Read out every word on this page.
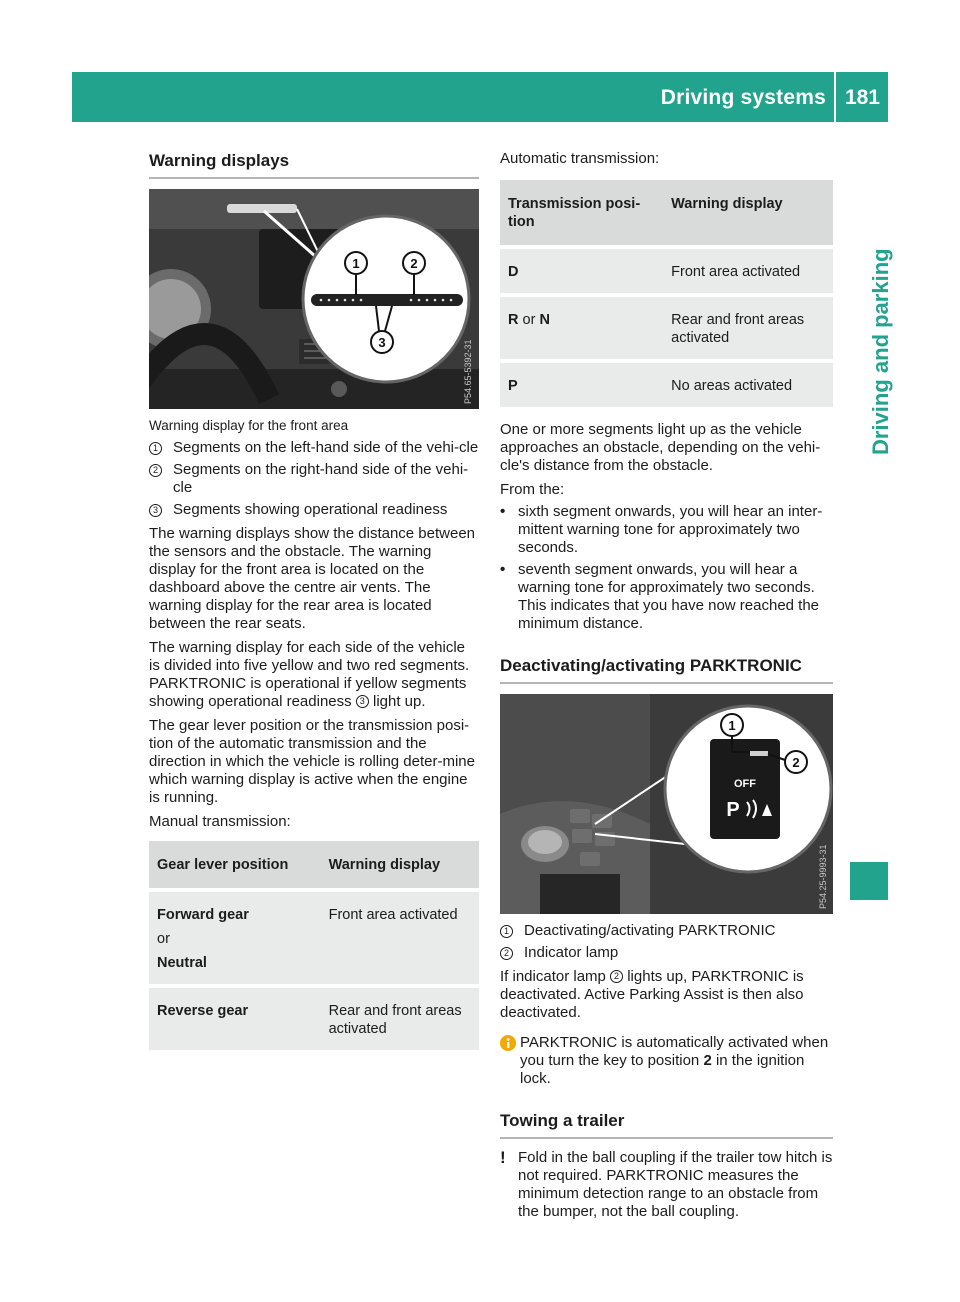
Driving systems 181
Driving and parking
Warning displays
1	2
3	P54.65-5392-31
Warning display for the front area
1	Segments on the left-hand side of the vehi-cle
2	Segments on the right-hand side of the vehi-cle
3	Segments showing operational readiness

The warning displays show the distance between the sensors and the obstacle. The warning display for the front area is located on the dashboard above the centre air vents. The warning display for the rear area is located between the rear seats.

The warning display for each side of the vehicle is divided into five yellow and two red segments. PARKTRONIC is operational if yellow segments showing operational readiness 3 light up.

The gear lever position or the transmission posi-tion of the automatic transmission and the direction in which the vehicle is rolling deter-mine which warning display is active when the engine is running.

Manual transmission:

Gear lever position	Warning display

Forward gear
or
Neutral	Front area activated
Reverse gear	Rear and front areas activated

Automatic transmission:

Transmission posi-tion	Warning display
D	Front area activated
R or N	Rear and front areas activated
P	No areas activated

One or more segments light up as the vehicle approaches an obstacle, depending on the vehi-cle's distance from the obstacle.

From the:

• sixth segment onwards, you will hear an inter-mittent warning tone for approximately two seconds.
• seventh segment onwards, you will hear a warning tone for approximately two seconds. This indicates that you have now reached the minimum distance.
Deactivating/activating PARKTRONIC
OFF
P
1
2
P54.25-9993-31
1	Deactivating/activating PARKTRONIC
2	Indicator lamp

If indicator lamp 2 lights up, PARKTRONIC is deactivated. Active Parking Assist is then also deactivated.

PARKTRONIC is automatically activated when you turn the key to position 2 in the ignition lock.
Towing a trailer
! Fold in the ball coupling if the trailer tow hitch is not required. PARKTRONIC measures the minimum detection range to an obstacle from the bumper, not the ball coupling.
